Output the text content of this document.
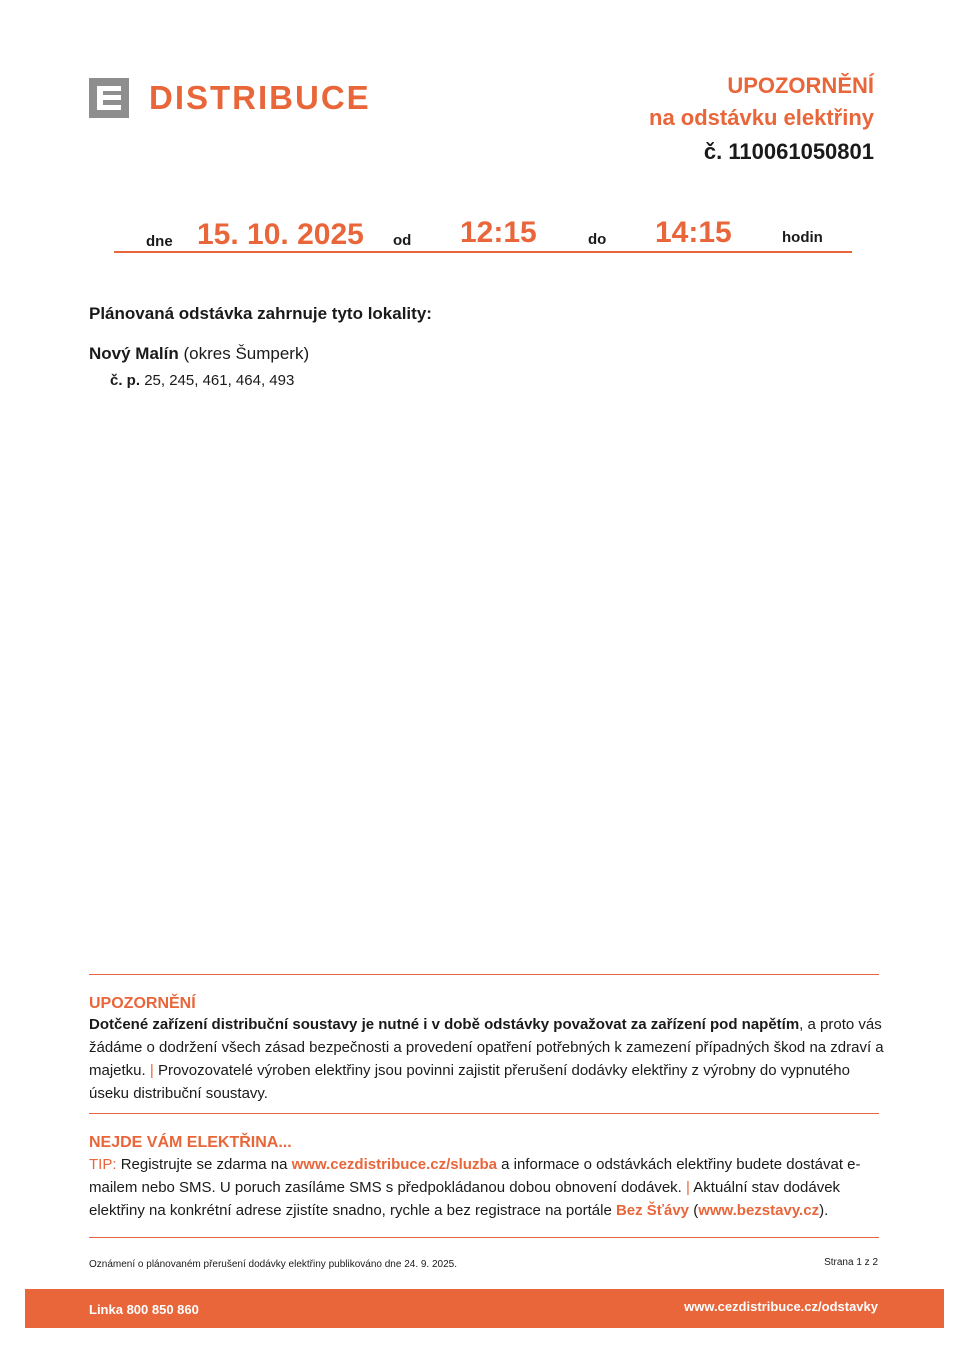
DISTRIBUCE	UPOZORNĚNÍ
na odstávku elektřiny
č. 110061050801
dne 15. 10. 2025 od 12:15	do 14:15	hodin
Plánovaná odstávka zahrnuje tyto lokality:
Nový Malín (okres Šumperk)
č. p. 25, 245, 461, 464, 493
UPOZORNĚNÍ
Dotčené zařízení distribuční soustavy je nutné i v době odstávky považovat za zařízení pod napětím, a proto vás žádáme o dodržení všech zásad bezpečnosti a provedení opatření potřebných k zamezení případných škod na zdraví a majetku. | Provozovatelé výroben elektřiny jsou povinni zajistit přerušení dodávky elektřiny z výrobny do vypnutého úseku distribuční soustavy.
NEJDE VÁM ELEKTŘINA...
TIP: Registrujte se zdarma na www.cezdistribuce.cz/sluzba a informace o odstávkách elektřiny budete dostávat e-mailem nebo SMS. U poruch zasíláme SMS s předpokládanou dobou obnovení dodávek. | Aktuální stav dodávek elektřiny na konkrétní adrese zjistíte snadno, rychle a bez registrace na portále Bez Šťávy (www.bezstavy.cz).
Oznámení o plánovaném přerušení dodávky elektřiny publikováno dne 24. 9. 2025.	Strana 1 z 2
Linka 800 850 860	www.cezdistribuce.cz/odstavky
